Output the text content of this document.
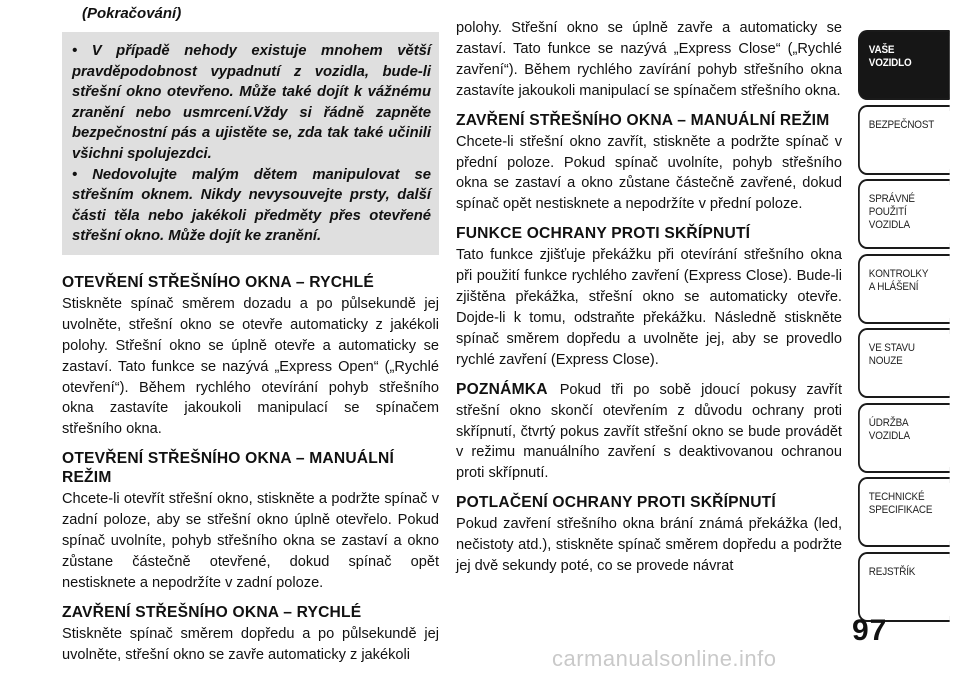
(Pokračování)

• V případě nehody existuje mnohem větší pravděpodobnost vypadnutí z vozidla, bude-li střešní okno otevřeno. Může také dojít k vážnému zranění nebo usmrcení.Vždy si řádně zapněte bezpečnostní pás a ujistěte se, zda tak také učinili všichni spolujezdci.

• Nedovolujte malým dětem manipulovat se střešním oknem. Nikdy nevysouvejte prsty, další části těla nebo jakékoli předměty přes otevřené střešní okno. Může dojít ke zranění.

OTEVŘENÍ STŘEŠNÍHO OKNA – RYCHLÉ

Stiskněte spínač směrem dozadu a po půlsekundě jej uvolněte, střešní okno se otevře automaticky z jakékoli polohy. Střešní okno se úplně otevře a automaticky se zastaví. Tato funkce se nazývá „Express Open“ („Rychlé otevření“). Během rychlého otevírání pohyb střešního okna zastavíte jakoukoli manipulací se spínačem střešního okna.

OTEVŘENÍ STŘEŠNÍHO OKNA – MANUÁLNÍ REŽIM

Chcete-li otevřít střešní okno, stiskněte a podržte spínač v zadní poloze, aby se střešní okno úplně otevřelo. Pokud spínač uvolníte, pohyb střešního okna se zastaví a okno zůstane částečně otevřené, dokud spínač opět nestisknete a nepodržíte v zadní poloze.

ZAVŘENÍ STŘEŠNÍHO OKNA – RYCHLÉ

Stiskněte spínač směrem dopředu a po půlsekundě jej uvolněte, střešní okno se zavře automaticky z jakékoli

polohy. Střešní okno se úplně zavře a automaticky se zastaví. Tato funkce se nazývá „Express Close“ („Rychlé zavření“). Během rychlého zavírání pohyb střešního okna zastavíte jakoukoli manipulací se spínačem střešního okna.

ZAVŘENÍ STŘEŠNÍHO OKNA – MANUÁLNÍ REŽIM

Chcete-li střešní okno zavřít, stiskněte a podržte spínač v přední poloze. Pokud spínač uvolníte, pohyb střešního okna se zastaví a okno zůstane částečně zavřené, dokud spínač opět nestisknete a nepodržíte v přední poloze.

FUNKCE OCHRANY PROTI SKŘÍPNUTÍ

Tato funkce zjišťuje překážku při otevírání střešního okna při použití funkce rychlého zavření (Express Close). Bude-li zjištěna překážka, střešní okno se automaticky otevře. Dojde-li k tomu, odstraňte překážku. Následně stiskněte spínač směrem dopředu a uvolněte jej, aby se provedlo rychlé zavření (Express Close).

POZNÁMKA Pokud tři po sobě jdoucí pokusy zavřít střešní okno skončí otevřením z důvodu ochrany proti skřípnutí, čtvrtý pokus zavřít střešní okno se bude provádět v režimu manuálního zavření s deaktivovanou ochranou proti skřípnutí.

POTLAČENÍ OCHRANY PROTI SKŘÍPNUTÍ

Pokud zavření střešního okna brání známá překážka (led, nečistoty atd.), stiskněte spínač směrem dopředu a podržte jej dvě sekundy poté, co se provede návrat

VAŠE
VOZIDLO
BEZPEČNOST
SPRÁVNÉ
POUŽITÍ
VOZIDLA
KONTROLKY
A HLÁŠENÍ
VE STAVU
NOUZE
ÚDRŽBA
VOZIDLA
TECHNICKÉ
SPECIFIKACE
REJSTŘÍK
97
carmanualsonline.info
